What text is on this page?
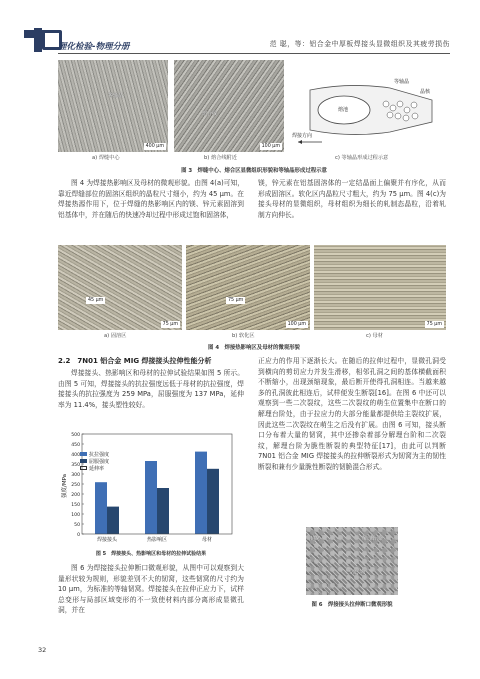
理化检验-物理分册	范 聪，等：铝合金中厚板焊接头显微组织及其疲劳损伤
等轴晶
400 μm
熔合线
100 μm
等轴晶
晶核
熔池
焊接方向
a) 焊缝中心	b) 熔合线附近	c) 等轴晶形成过程示意
图 3　焊缝中心、熔合区显微组织形貌和等轴晶形成过程示意
图 4 为焊接热影响区及母材的微观形貌。由图 4(a)可知，靠近焊缝部位的固溶区组织的晶粒尺寸细小，约为 45 μm。在焊接热源作用下，位于焊缝的热影响区内的镁、锌元素固溶到铝基体中，并在随后的快速冷却过程中形成过饱和固溶体，
镁，锌元素在铝基固溶体的一定结晶面上偏聚并有序化，从而形成固溶区。软化区内晶粒尺寸粗大，约为 75 μm。图 4(c)为接头母材的显微组织，母材组织为细长的轧制态晶粒，沿着轧制方向伸长。
45 μm
75 μm
75 μm
100 μm	75 μm
a) 固溶区	b) 软化区	c) 母材
图 4　焊接热影响区及母材的微观形貌
2.2　7N01 铝合金 MIG 焊接接头拉伸性能分析
焊接接头、热影响区和母材的拉伸试验结果如图 5 所示。由图 5 可知，焊接接头的抗拉强度远低于母材的抗拉强度，焊接接头的抗拉强度为 259 MPa，屈服强度为 137 MPa，延伸率为 11.4%，接头塑性较好。
正应力的作用下逐渐长大。在随后的拉伸过程中，显微孔洞受到横向的剪切应力并发生滑移，相邻孔洞之间的基体横截面积不断缩小，出现颈缩现象，最后断开使得孔洞相连。当越来越多的孔洞彼此相连后，试样便发生断裂[16]。在图 6 中还可以观察到一些二次裂纹，这些二次裂纹的萌生位置集中在断口的解理台阶处，由于拉应力的大部分能量都提供给主裂纹扩展，因此这些二次裂纹在萌生之后没有扩展。由图 6 可知，接头断口分布着大量的韧窝，其中还掺杂着部分解理台阶和二次裂纹，解理台阶为脆性断裂的典型特征[17]，由此可以判断 7N01 铝合金 MIG 焊接接头的拉伸断裂形式为韧窝为主的韧性断裂和兼有少量脆性断裂的韧脆混合形式。
0
50
100
150
200
250
300
350
400
450
500
焊接接头	热影响区	母材
强度/MPa
抗拉强度
屈服强度
延伸率
图 5　焊接接头、热影响区和母材的拉伸试验结果
图 6 为焊接接头拉伸断口微观形貌，从图中可以观察到大量形状较为规则，形貌差别不大的韧窝，这些韧窝的尺寸约为 10 μm，为标准的等轴韧窝。焊接接头在拉伸正应力下，试样总变形与局部区域变形的不一致使材料内部分离形成显微孔洞，并在
韧窝	解理台阶
二次裂纹
图 6　焊接接头拉伸断口微观形貌
32
